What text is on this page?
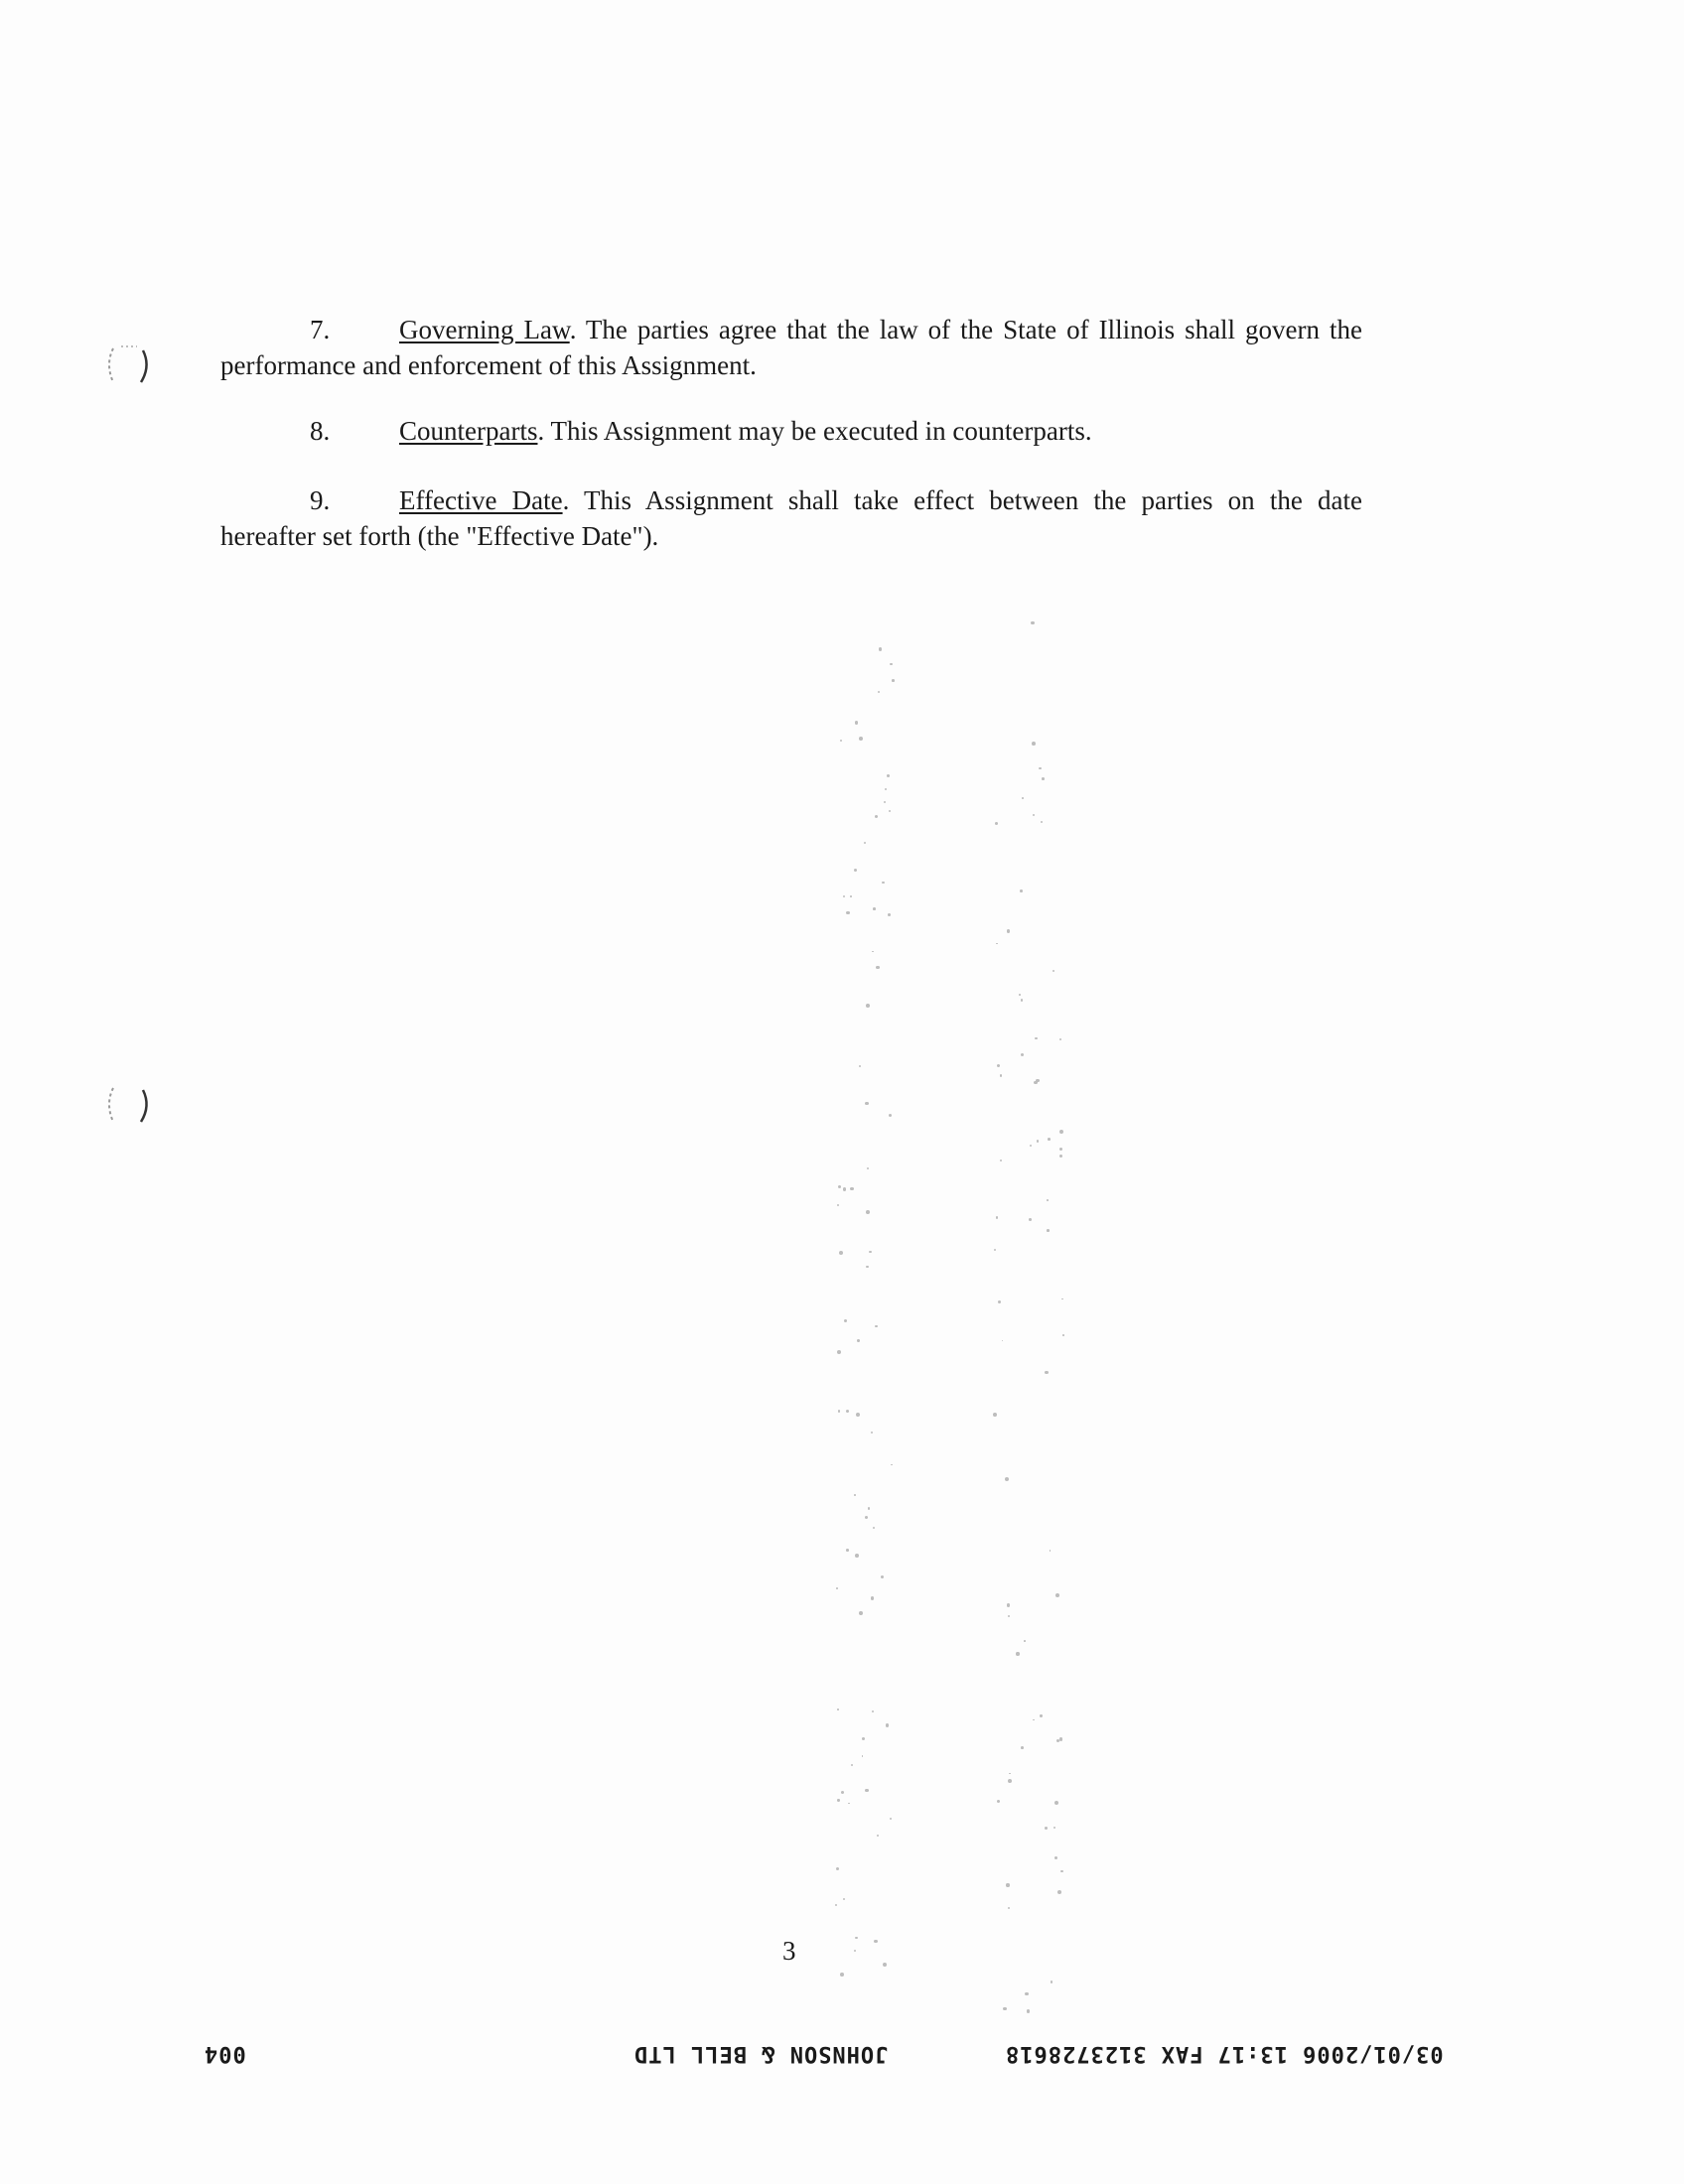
7.	Governing Law. The parties agree that the law of the State of Illinois shall govern the performance and enforcement of this Assignment.
8.	Counterparts. This Assignment may be executed in counterparts.
9.	Effective Date. This Assignment shall take effect between the parties on the date hereafter set forth (the "Effective Date").
3
004	JOHNSON & BELL LTD	03/01/2006 13:17 FAX 3123728618
